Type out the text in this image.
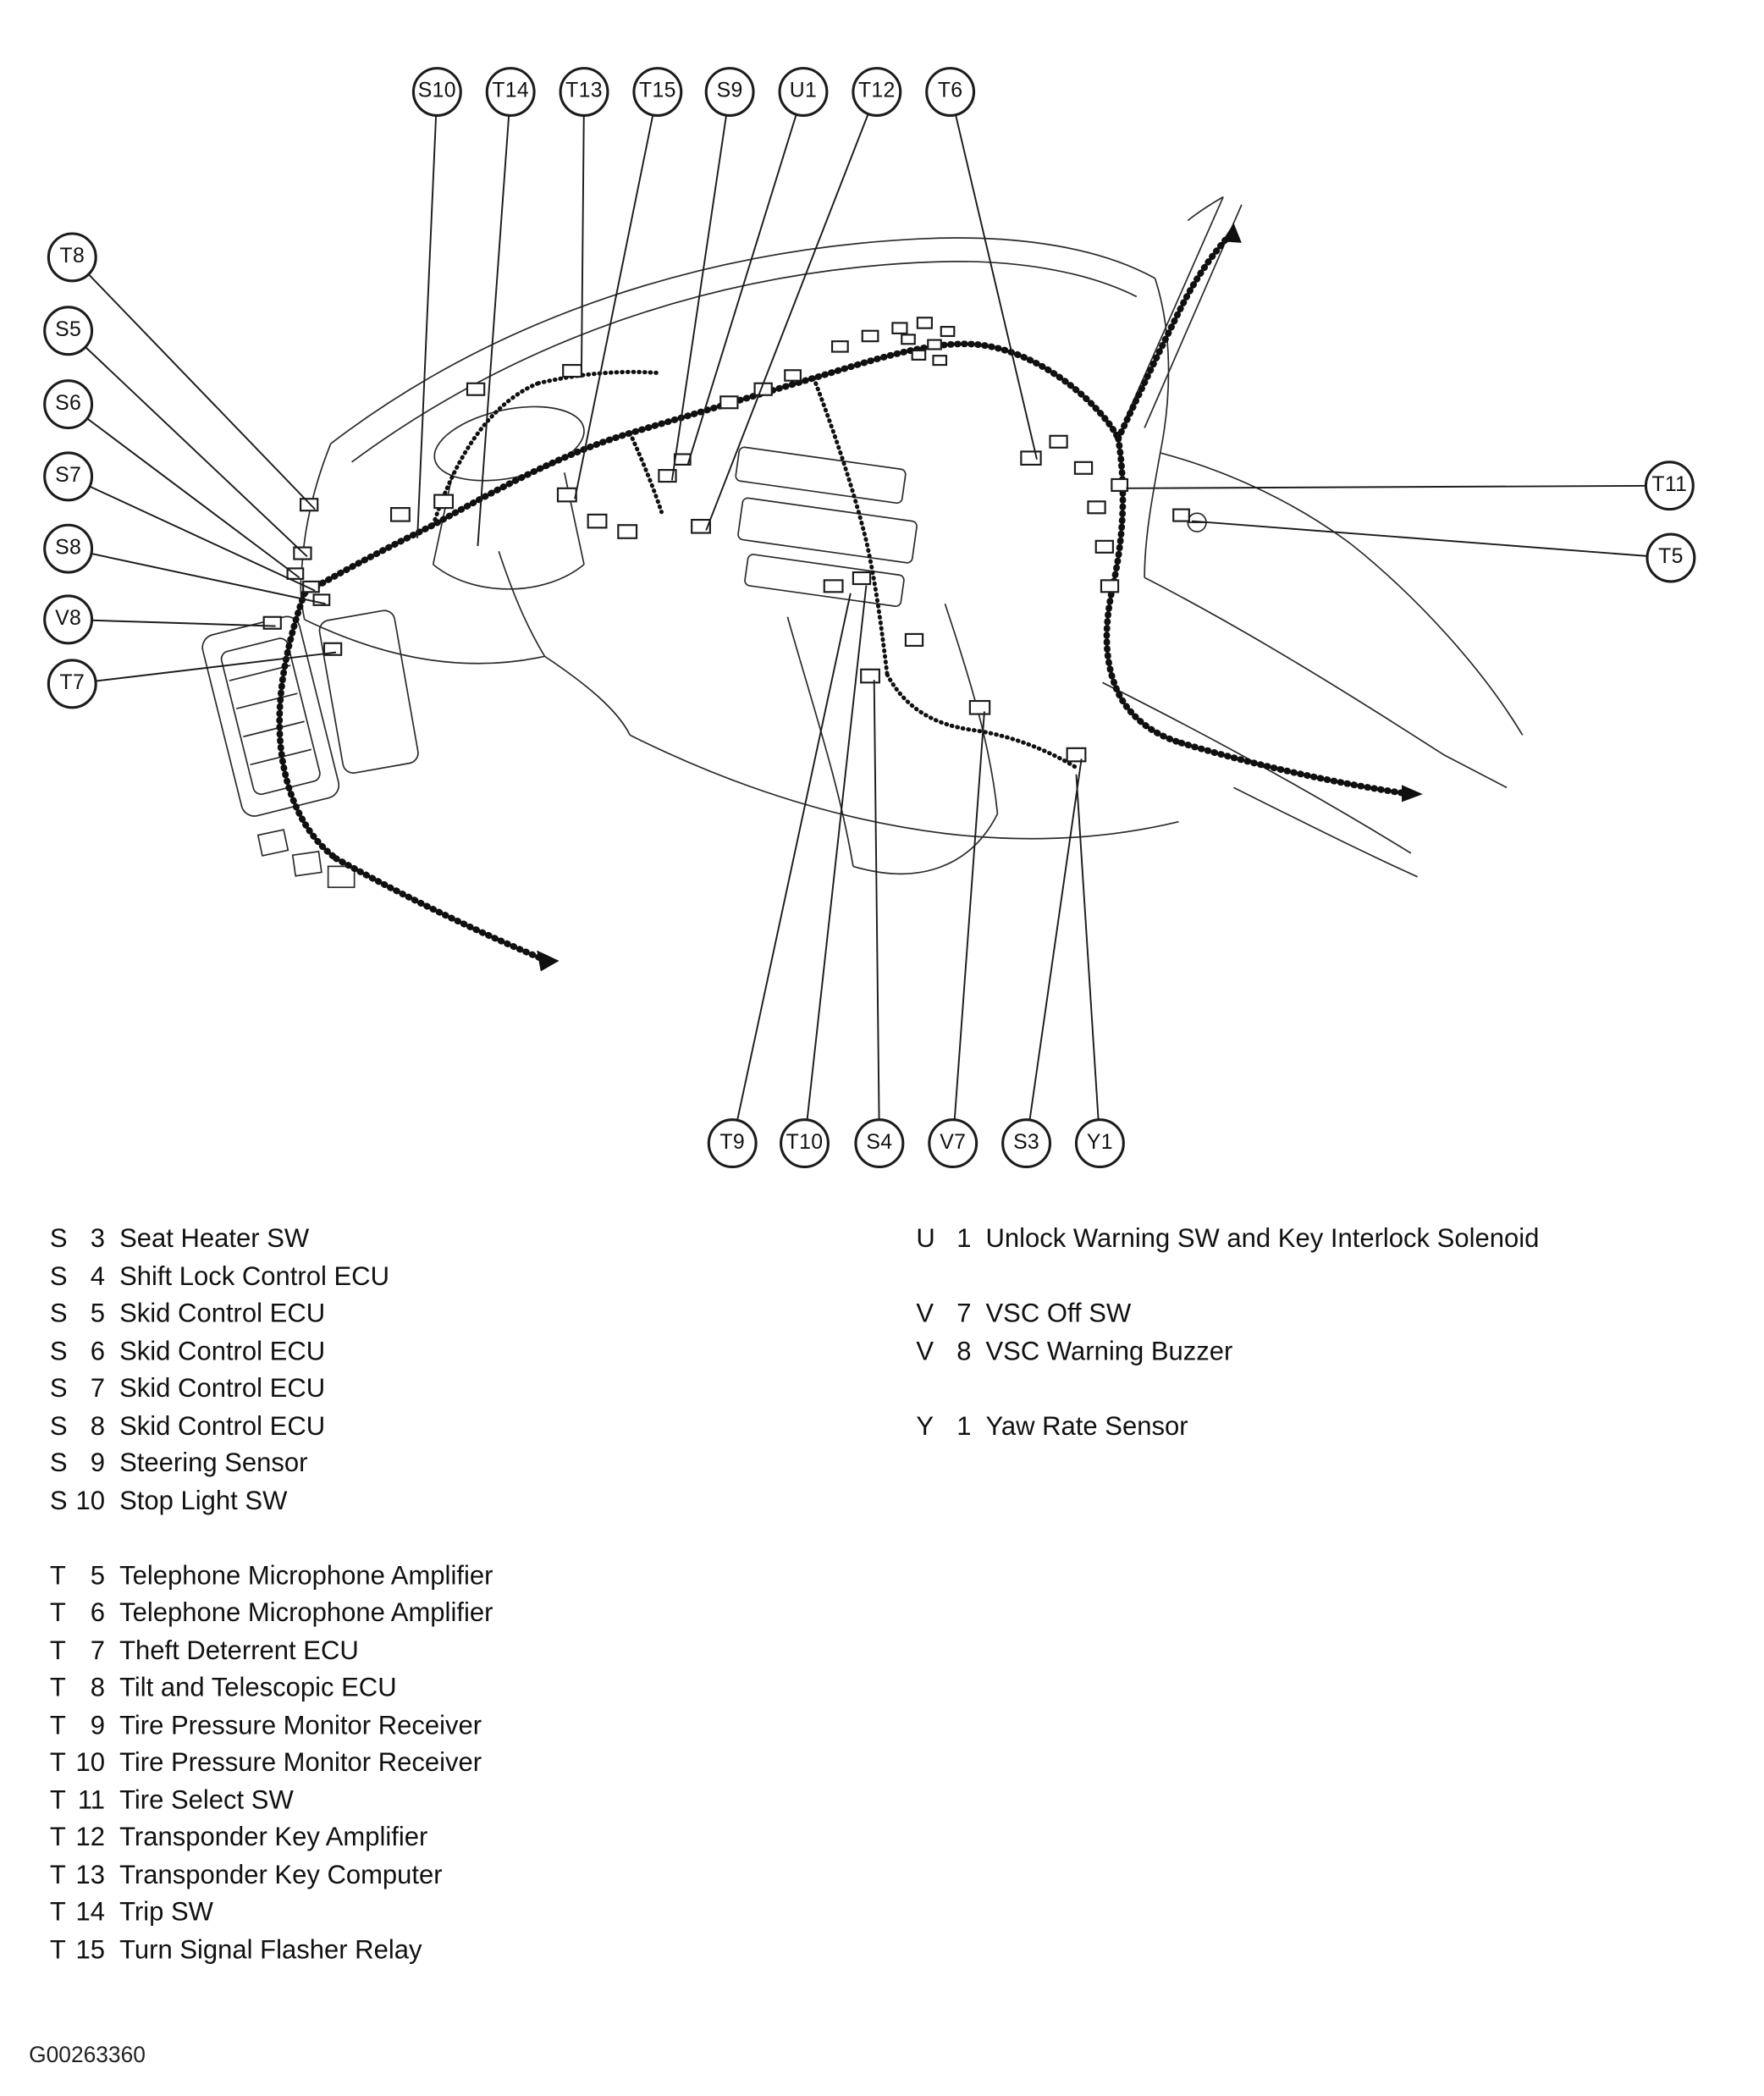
S10	T14	T13	T15	S9	U1	T12	T6
T8
S5
S6
S7
S8
V8
T7
T11
T5
T9	T10	S4	V7	S3	Y1
S 3 Seat Heater SW
S 4 Shift Lock Control ECU
S 5 Skid Control ECU
S 6 Skid Control ECU
S 7 Skid Control ECU
S 8 Skid Control ECU
S 9 Steering Sensor
S 10 Stop Light SW
T 5 Telephone Microphone Amplifier
T 6 Telephone Microphone Amplifier
T 7 Theft Deterrent ECU
T 8 Tilt and Telescopic ECU
T 9 Tire Pressure Monitor Receiver
T 10 Tire Pressure Monitor Receiver
T 11 Tire Select SW
T 12 Transponder Key Amplifier
T 13 Transponder Key Computer
T 14 Trip SW
T 15 Turn Signal Flasher Relay
U 1 Unlock Warning SW and Key Interlock Solenoid
V 7 VSC Off SW
V 8 VSC Warning Buzzer
Y 1 Yaw Rate Sensor
G00263360
